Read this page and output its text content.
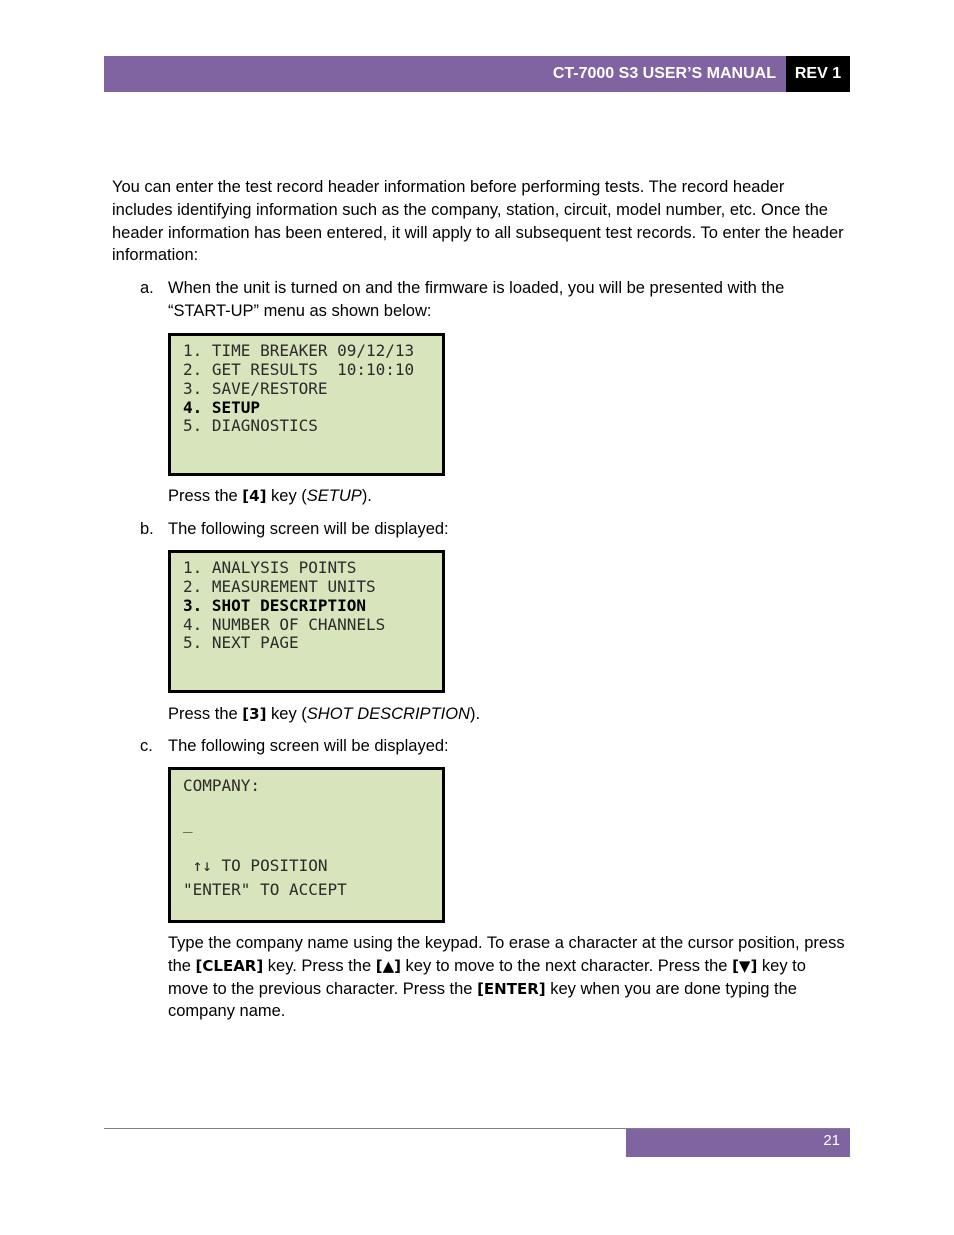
CT-7000 S3 USER’S MANUAL	REV 1
You can enter the test record header information before performing tests. The record header includes identifying information such as the company, station, circuit, model number, etc. Once the header information has been entered, it will apply to all subsequent test records. To enter the header information:
a. When the unit is turned on and the firmware is loaded, you will be presented with the “START-UP” menu as shown below:
1. TIME BREAKER 09/12/13
2. GET RESULTS  10:10:10
3. SAVE/RESTORE
4. SETUP
5. DIAGNOSTICS
Press the [4] key (SETUP).
b. The following screen will be displayed:
1. ANALYSIS POINTS
2. MEASUREMENT UNITS
3. SHOT DESCRIPTION
4. NUMBER OF CHANNELS
5. NEXT PAGE
Press the [3] key (SHOT DESCRIPTION).
c. The following screen will be displayed:
COMPANY:
_
↑↓ TO POSITION
"ENTER" TO ACCEPT
Type the company name using the keypad. To erase a character at the cursor position, press the [CLEAR] key. Press the [▲] key to move to the next character. Press the [▼] key to move to the previous character. Press the [ENTER] key when you are done typing the company name.
21
